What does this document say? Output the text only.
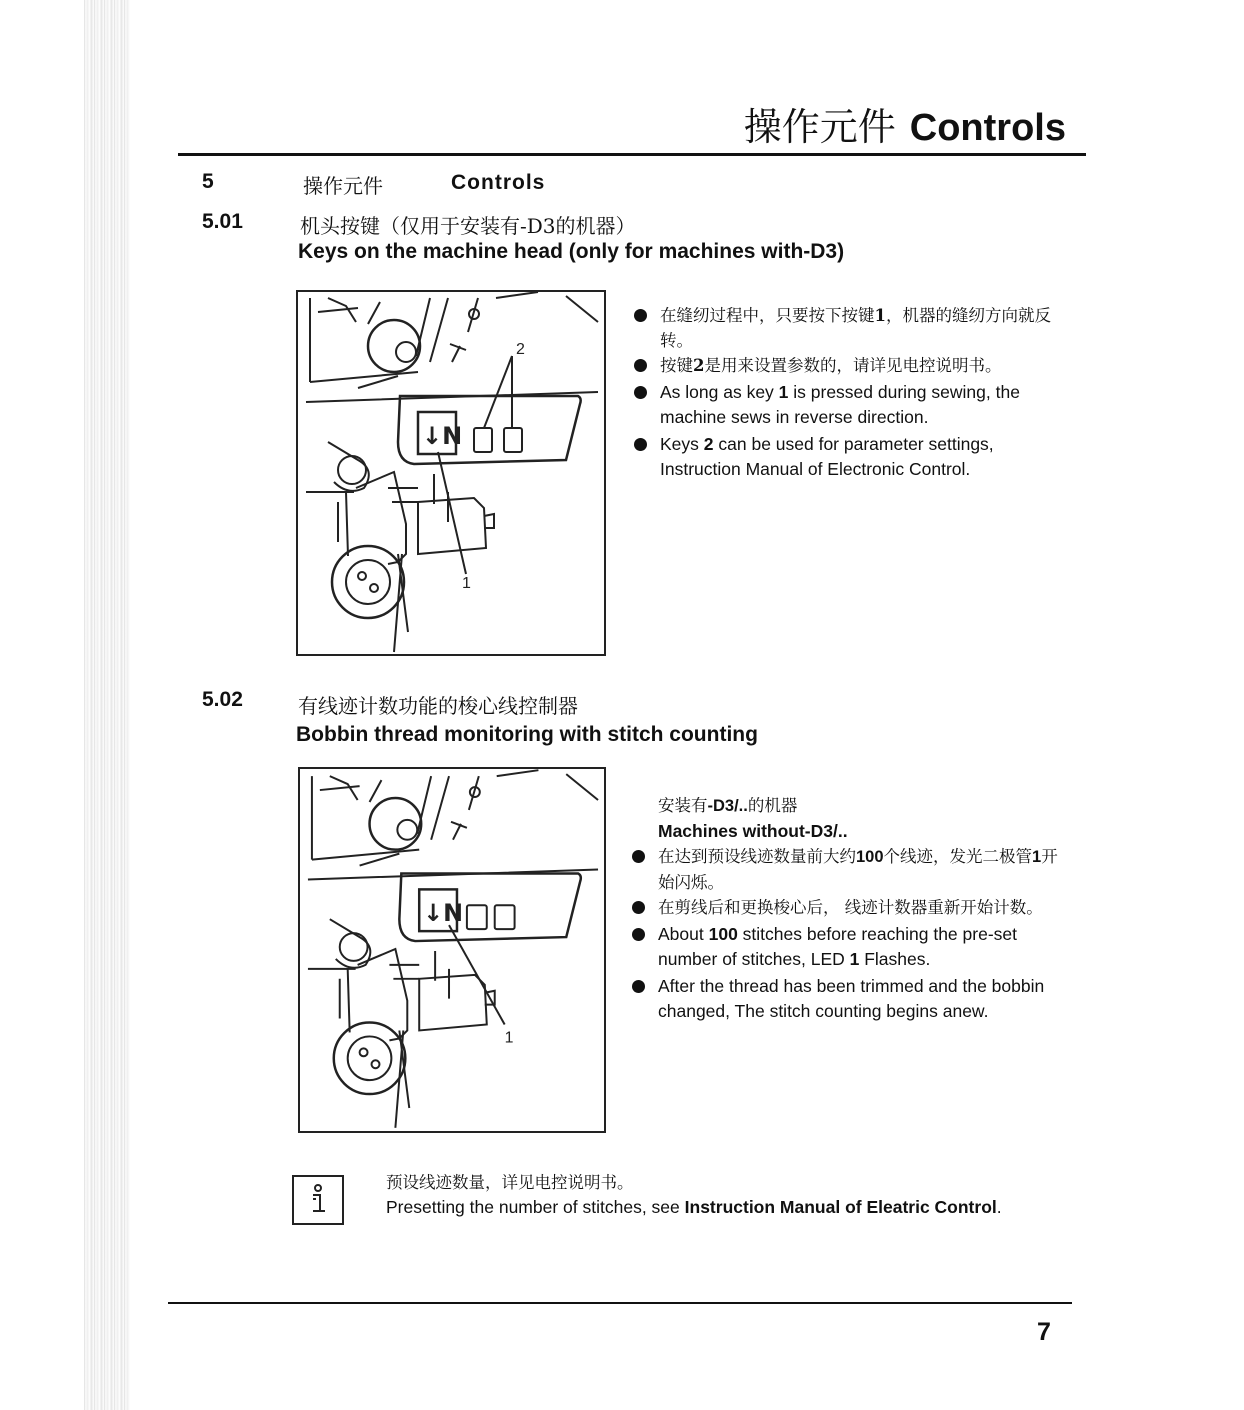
操作元件 Controls
5	操作元件	Controls
5.01	机头按键（仅用于安装有-D3的机器）
Keys on the machine head (only for machines with-D3)
↓N
2
1
在缝纫过程中，只要按下按键1，机器的缝纫方向就反转。
按键2是用来设置参数的，请详见电控说明书。
As long as key 1 is pressed during sewing, the machine sews in reverse direction.
Keys 2 can be used for parameter settings, Instruction Manual of Electronic Control.
5.02	有线迹计数功能的梭心线控制器
Bobbin thread monitoring with stitch counting
↓N
1
安装有-D3/..的机器
Machines without-D3/..
在达到预设线迹数量前大约100个线迹，发光二极管1开始闪烁。
在剪线后和更换梭心后， 线迹计数器重新开始计数。
About 100 stitches before reaching the pre-set number of stitches, LED 1 Flashes.
After the thread has been trimmed and the bobbin changed, The stitch counting begins anew.
预设线迹数量，详见电控说明书。
Presetting the number of stitches, see Instruction Manual of Eleatric Control.
7
